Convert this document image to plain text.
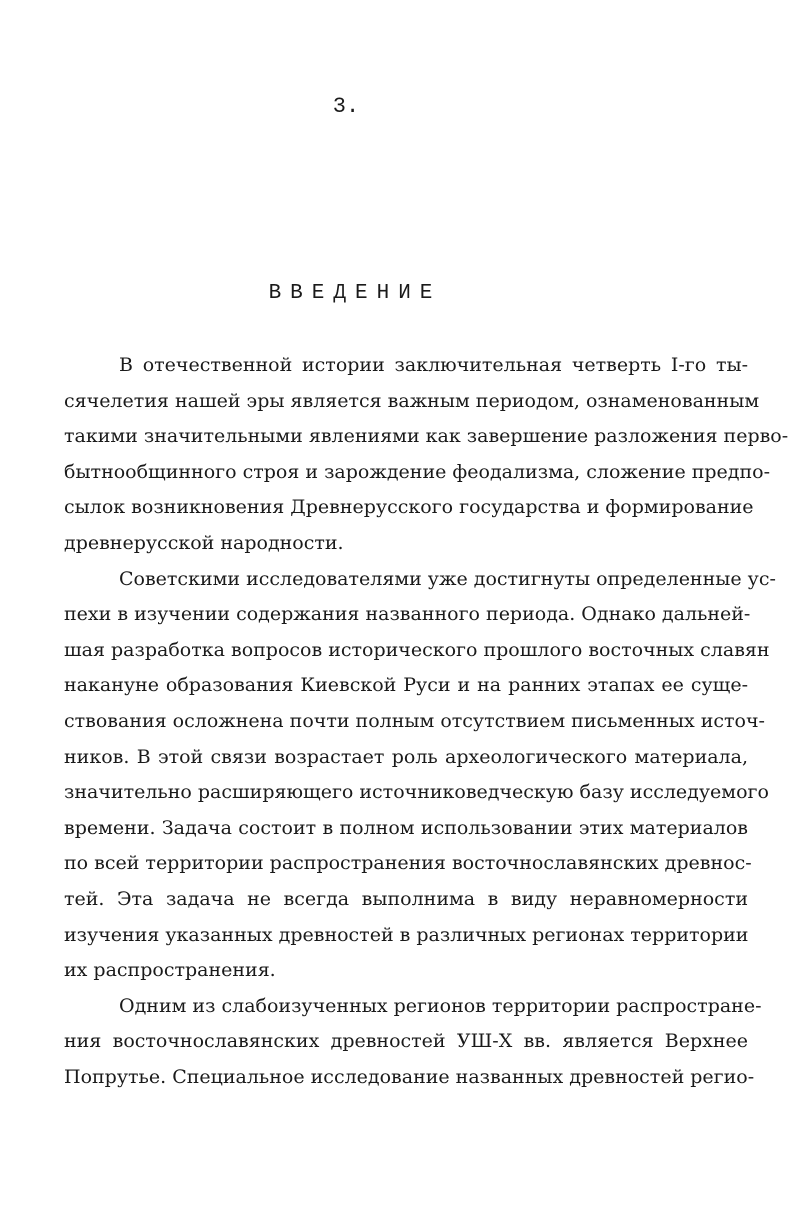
3.
ВВЕДЕНИЕ
В отечественной истории заключительная четверть I-го ты-
сячелетия нашей эры является важным периодом, ознаменованным
такими значительными явлениями как завершение разложения перво-
бытнообщинного строя и зарождение феодализма, сложение предпо-
сылок возникновения Древнерусского государства и формирование
древнерусской народности.
Советскими исследователями уже достигнуты определенные ус-
пехи в изучении содержания названного периода. Однако дальней-
шая разработка вопросов исторического прошлого восточных славян
накануне образования Киевской Руси и на ранних этапах ее суще-
ствования осложнена почти полным отсутствием письменных источ-
ников. В этой связи возрастает роль археологического материала,
значительно расширяющего источниковедческую базу исследуемого
времени. Задача состоит в полном использовании этих материалов
по всей территории распространения восточнославянских древнос-
тей. Эта задача не всегда выполнима в виду неравномерности
изучения указанных древностей в различных регионах территории
их распространения.
Одним из слабоизученных регионов территории распростране-
ния восточнославянских древностей УШ-Х вв. является Верхнее
Попрутье. Специальное исследование названных древностей регио-
